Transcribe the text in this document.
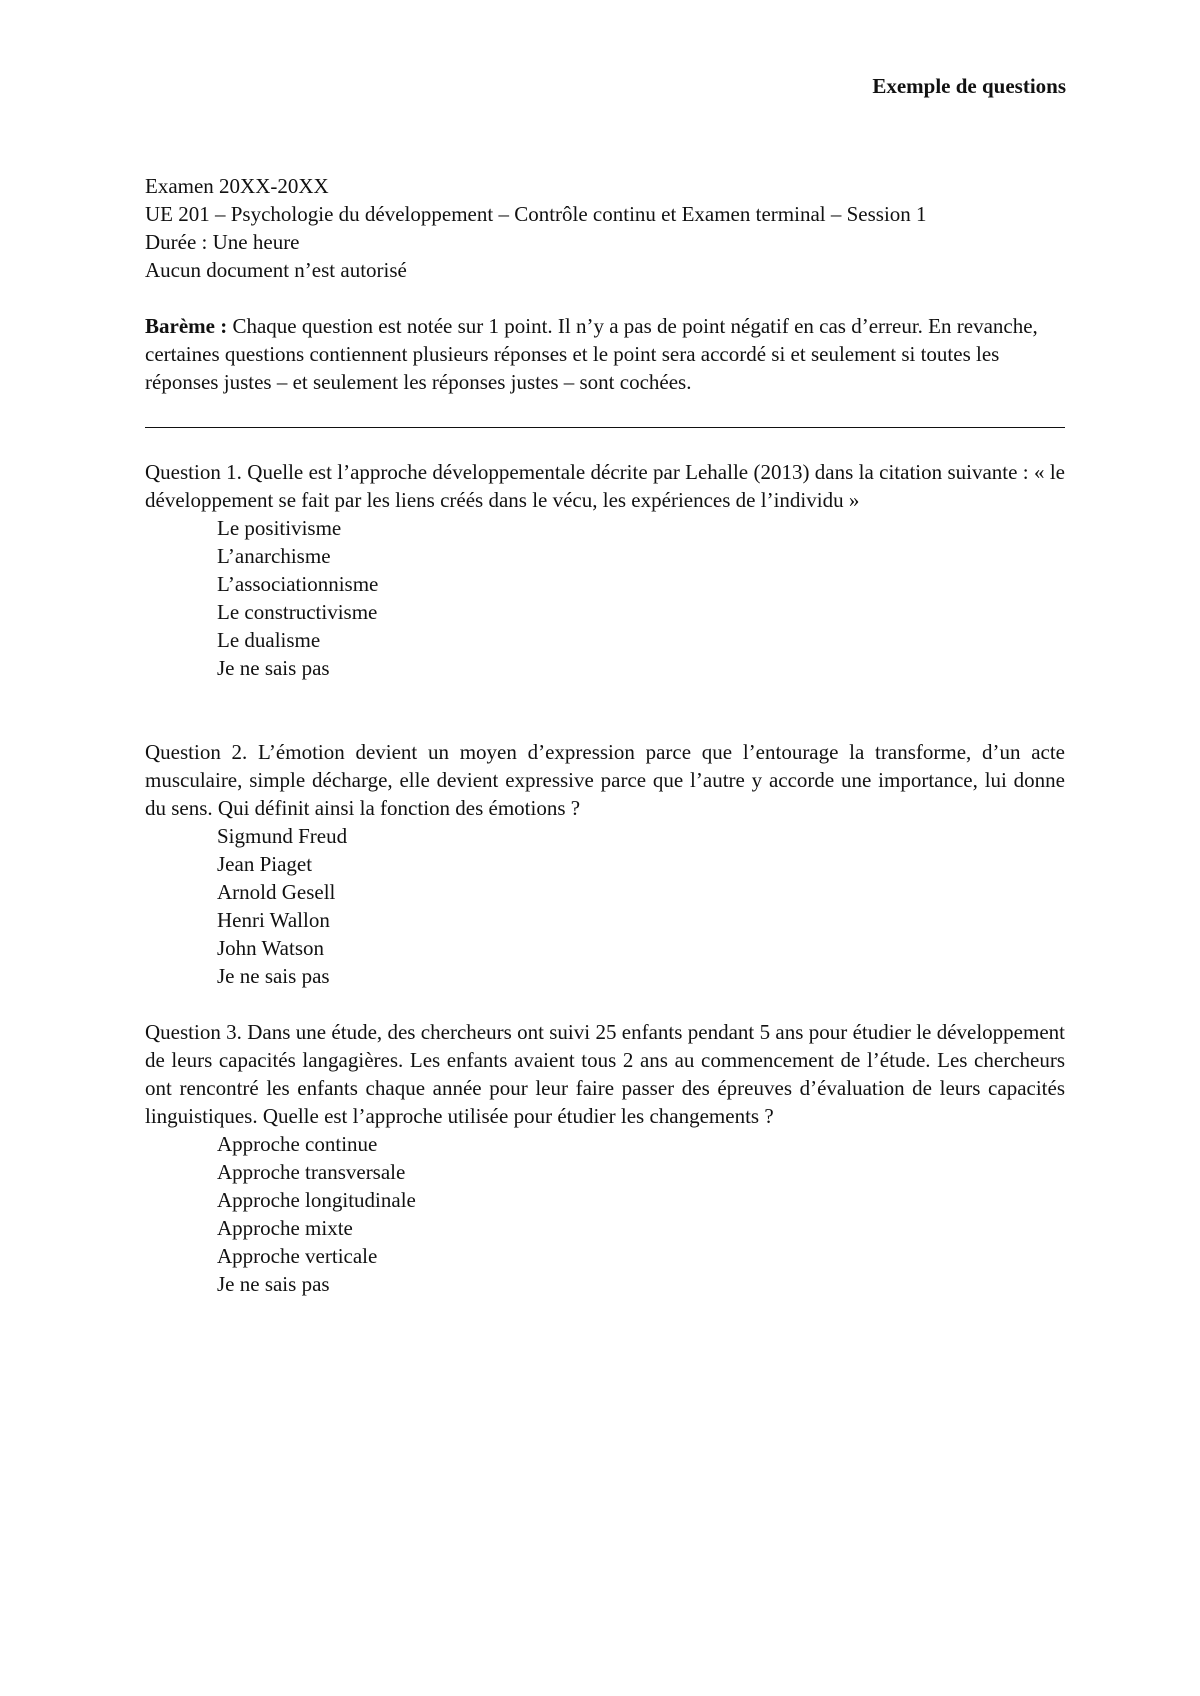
Exemple de questions
Examen 20XX-20XX
UE 201 – Psychologie du développement – Contrôle continu et Examen terminal – Session 1
Durée : Une heure
Aucun document n’est autorisé
Barème : Chaque question est notée sur 1 point. Il n’y a pas de point négatif en cas d’erreur. En revanche, certaines questions contiennent plusieurs réponses et le point sera accordé si et seulement si toutes les réponses justes – et seulement les réponses justes – sont cochées.
Question 1. Quelle est l’approche développementale décrite par Lehalle (2013) dans la citation suivante : « le développement se fait par les liens créés dans le vécu, les expériences de l’individu »
Le positivisme
L’anarchisme
L’associationnisme
Le constructivisme
Le dualisme
Je ne sais pas
Question 2. L’émotion devient un moyen d’expression parce que l’entourage la transforme, d’un acte musculaire, simple décharge, elle devient expressive parce que l’autre y accorde une importance, lui donne du sens. Qui définit ainsi la fonction des émotions ?
Sigmund Freud
Jean Piaget
Arnold Gesell
Henri Wallon
John Watson
Je ne sais pas
Question 3. Dans une étude, des chercheurs ont suivi 25 enfants pendant 5 ans pour étudier le développement de leurs capacités langagières. Les enfants avaient tous 2 ans au commencement de l’étude. Les chercheurs ont rencontré les enfants chaque année pour leur faire passer des épreuves d’évaluation de leurs capacités linguistiques. Quelle est l’approche utilisée pour étudier les changements ?
Approche continue
Approche transversale
Approche longitudinale
Approche mixte
Approche verticale
Je ne sais pas
